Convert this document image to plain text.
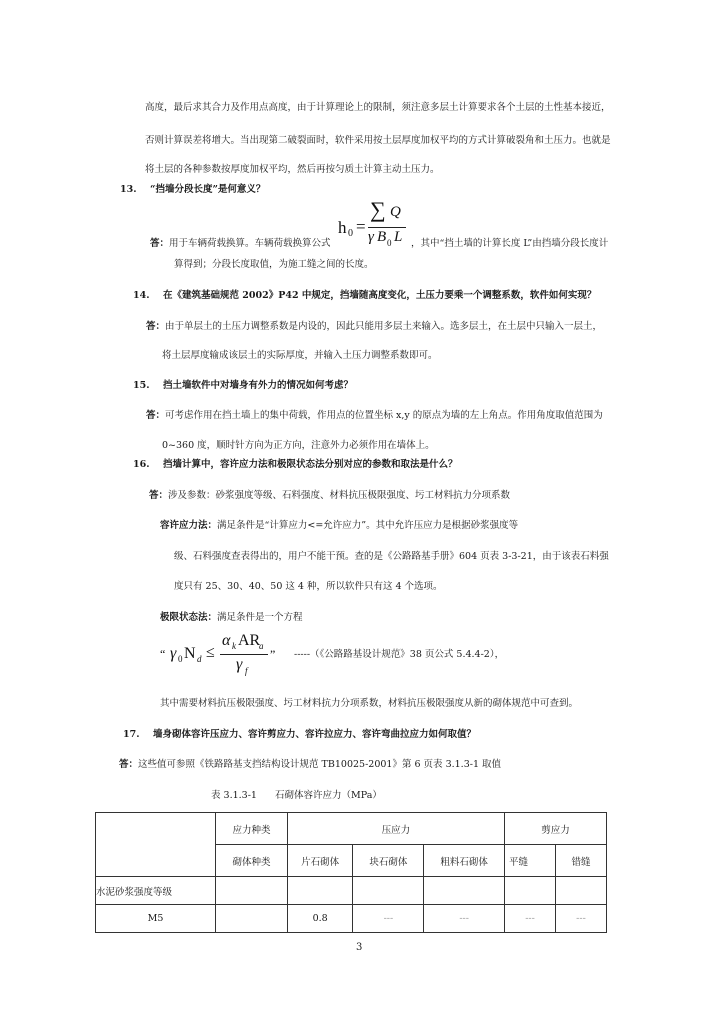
高度，最后求其合力及作用点高度，由于计算理论上的限制，须注意多层土计算要求各个土层的土性基本接近，
否则计算误差将增大。当出现第二破裂面时，软件采用按土层厚度加权平均的方式计算破裂角和土压力。也就是
将土层的各种参数按厚度加权平均，然后再按匀质土计算主动土压力。
13. “挡墙分段长度”是何意义？
h 0 =
∑ Q
γ B 0 L
答：用于车辆荷载换算。车辆荷载换算公式	，其中“挡土墙的计算长度 L”由挡墙分段长度计
算得到；分段长度取值，为施工缝之间的长度。
14. 在《建筑基础规范 2002》P42 中规定，挡墙随高度变化，土压力要乘一个调整系数，软件如何实现？
答：由于单层土的土压力调整系数是内设的，因此只能用多层土来输入。选多层土，在土层中只输入一层土，
将土层厚度输成该层土的实际厚度，并输入土压力调整系数即可。
15. 挡土墙软件中对墙身有外力的情况如何考虑？
答：可考虑作用在挡土墙上的集中荷载，作用点的位置坐标 x,y 的原点为墙的左上角点。作用角度取值范围为
0~360 度，顺时针方向为正方向，注意外力必须作用在墙体上。
16. 挡墙计算中，容许应力法和极限状态法分别对应的参数和取法是什么？
答：涉及参数：砂浆强度等级、石料强度、材料抗压极限强度、圬工材料抗力分项系数
容许应力法：满足条件是“计算应力<=允许应力”。其中允许压应力是根据砂浆强度等
级、石料强度查表得出的，用户不能干预。查的是《公路路基手册》604 页表 3-3-21，由于该表石料强
度只有 25、30、40、50 这 4 种，所以软件只有这 4 个选项。
极限状态法：满足条件是一个方程
“ γ 0 N d ≤
α k AR
a
γ f
” -----（《公路路基设计规范》38 页公式 5.4.4-2），
其中需要材料抗压极限强度、圬工材料抗力分项系数，材料抗压极限强度从新的砌体规范中可查到。
17. 墙身砌体容许压应力、容许剪应力、容许拉应力、容许弯曲拉应力如何取值？
答：这些值可参照《铁路路基支挡结构设计规范 TB10025-2001》第 6 页表 3.1.3-1 取值
表 3.1.3-1 石砌体容许应力（MPa）
	应力种类	压应力			剪应力	
	砌体种类	片石砌体	块石砌体	粗料石砌体	平缝	错缝
水泥砂浆强度等级						
M5		0.8	---	---	---	---
3
